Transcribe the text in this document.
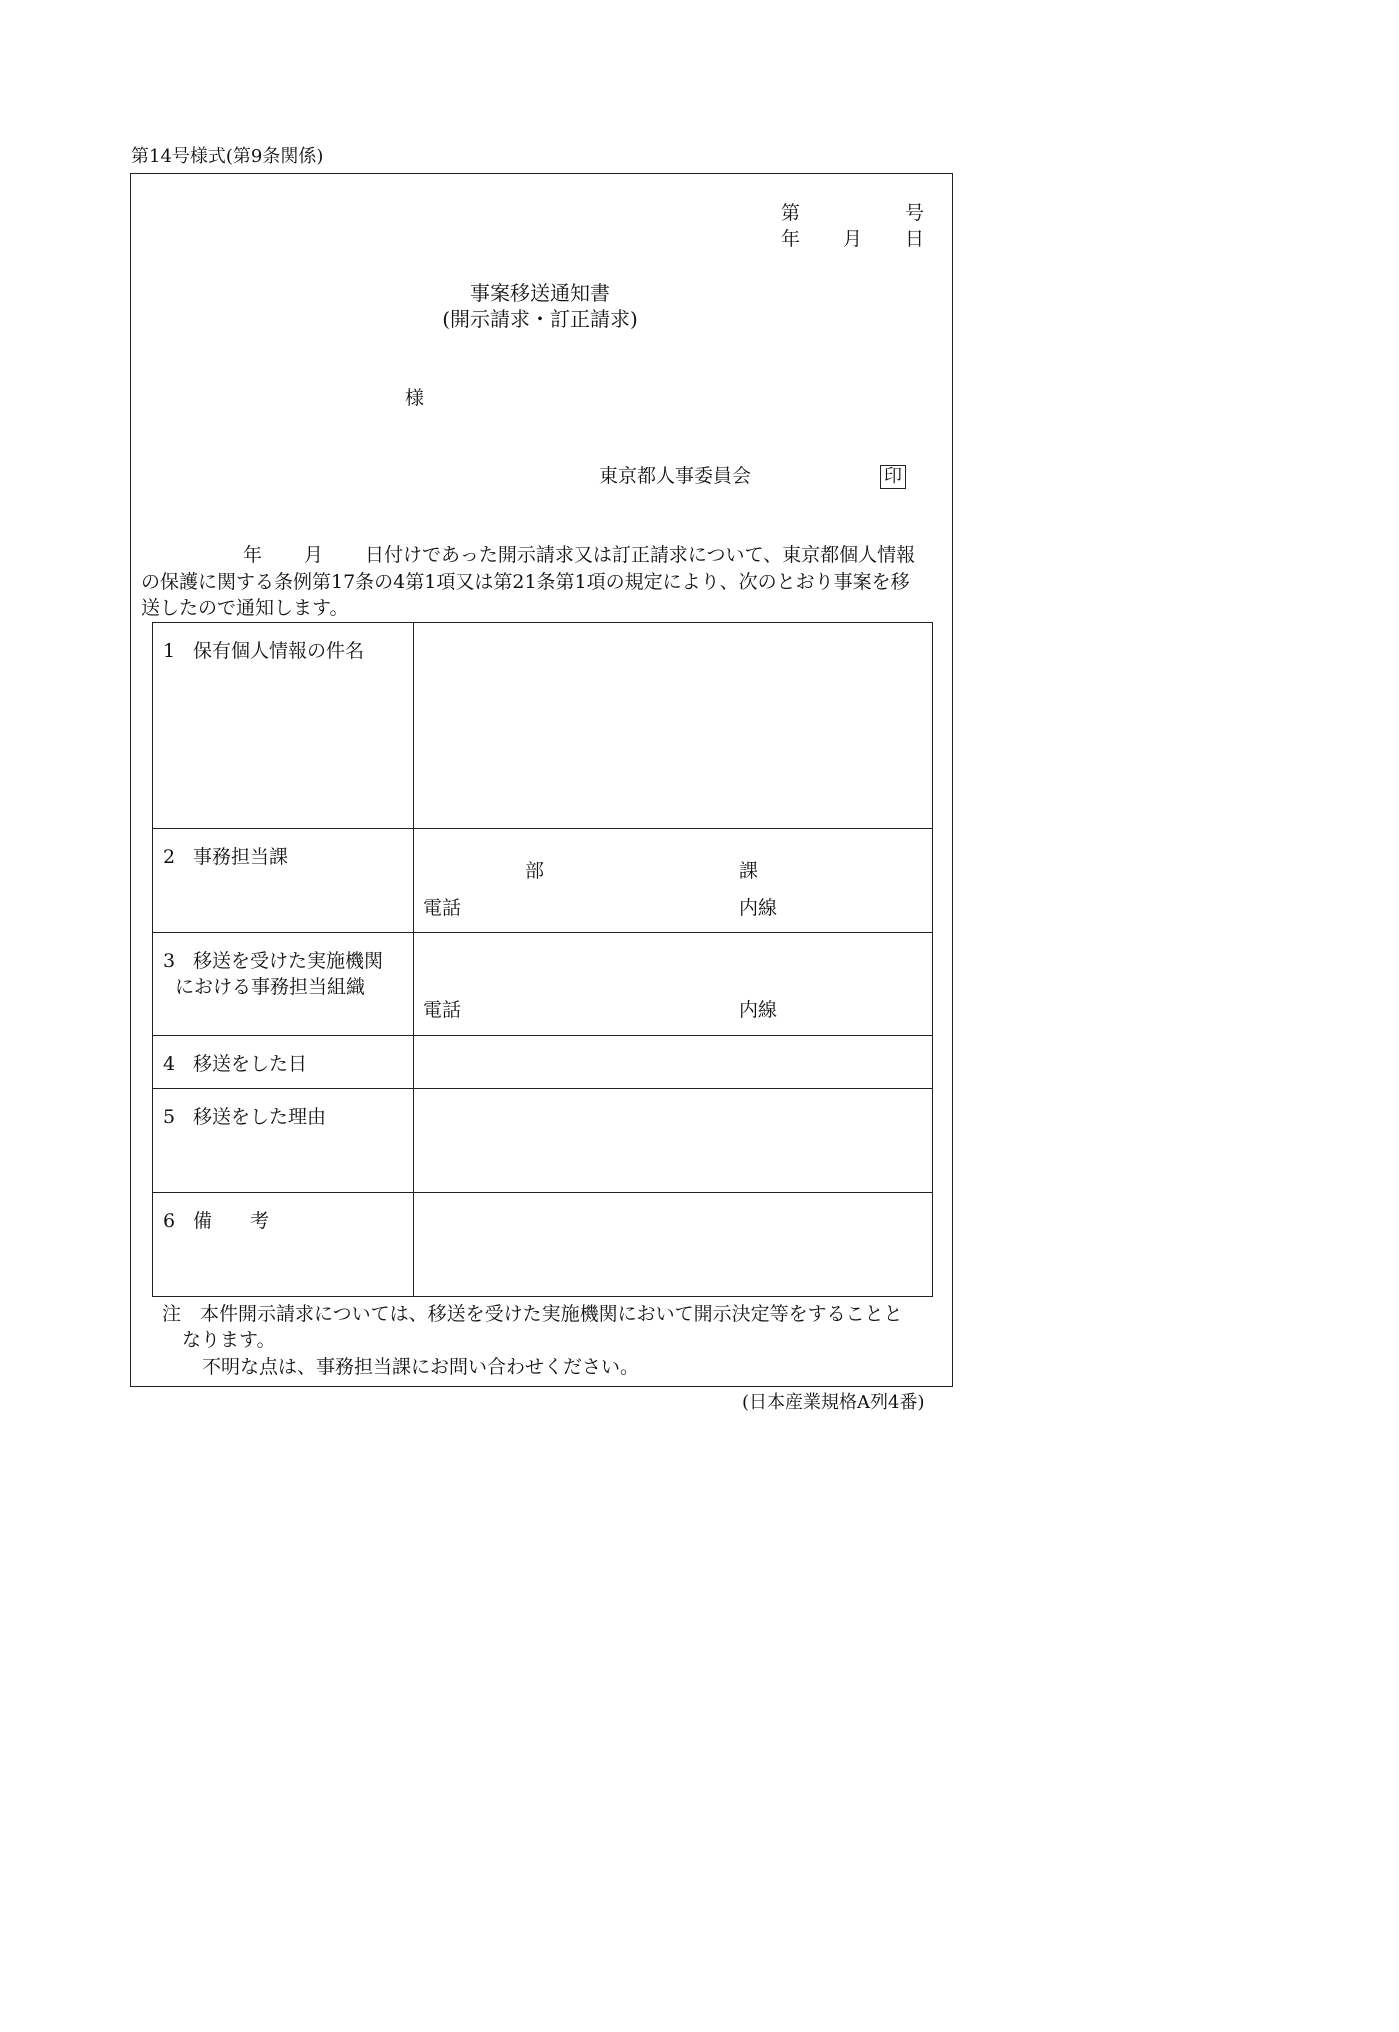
第14号様式(第9条関係)
第	号
年 月 日
事案移送通知書
(開示請求・訂正請求)
様
東京都人事委員会	印
年 月 日付けであった開示請求又は訂正請求について、東京都個人情報
の保護に関する条例第17条の4第1項又は第21条第1項の規定により、次のとおり事案を移
送したので通知します。
1 保有個人情報の件名	

2 事務担当課	部 課
電話 内線

3 移送を受けた実施機関
における事務担当組織	電話 内線

4 移送をした日	

5 移送をした理由	

6 備　　考	

注　本件開示請求については、移送を受けた実施機関において開示決定等をすることと
なります。
不明な点は、事務担当課にお問い合わせください。
(日本産業規格A列4番)
